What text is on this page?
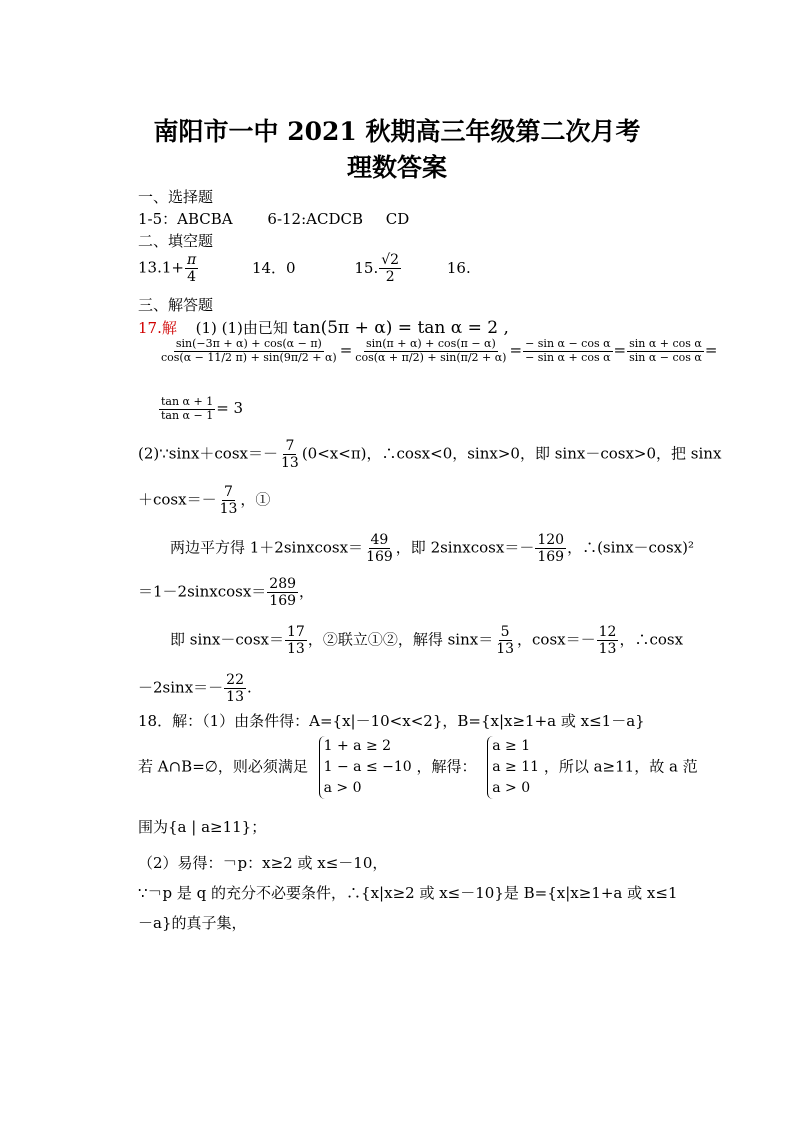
南阳市一中 2021 秋期高三年级第二次月考
理数答案
一、选择题
1-5：ABCBA 6-12:ACDCB CD
二、填空题
$13.1+ \frac{\pi}{4}$	14．0	15. $\frac{√2}{2}$	16.
三、解答题
17.解 (1) (1)由已知 tan(5π + α) = tan α = 2 ,
$\frac{\sin(-3\pi + \alpha) + \cos(\alpha - \pi)}{\cos(\alpha - 11/2 \pi) + \sin(9\pi/2 + \alpha)} = \frac{\sin(\pi + \alpha) + \cos(\pi - \alpha)}{\cos(\alpha + \pi/2) + \sin(\pi/2 + \alpha)} = \frac{\text{− sin α − cos α}}{\text{− sin α + cos α}} = \frac{\text{sin α + cos α}}{\text{sin α − cos α}}$ =
$\frac{\text{tan α + 1}}{\text{tan α − 1}} = 3$
(2)∵sinx＋cosx＝－ $\frac{7}{13} (0<x<\pi)$，∴cosx<0，sinx>0，即 sinx－cosx>0，把 sinx
$+\cos x=- \frac{7}{13}$ ，①
两边平方得 1＋2sinxcosx＝ $\frac{49}{169}$ ，即 2sinxcosx＝－ $\frac{120}{169}$ ，∴(sinx－cosx)²
＝1－2sinxcosx＝ $\frac{289}{169}$ ，
即 $\sin x-\cos x= \frac{17}{13}$ ，②联立①②，解得 $\sin x= \frac{5}{13}$ ，$\cos x=- \frac{12}{13}$ ，∴cosx
$-2\sin x=- \frac{22}{13}$ .
18．解：（1）由条件得：A={x|－10<x<2}，B={x|x≥1+a 或 x≤1－a}
若 A∩B=∅，则必须满足
1 + a ≥ 2
1 − a ≤ −10
a > 0
，解得：
a ≥ 1
a ≥ 11
a > 0
，所以 a≥11，故 a 范
围为{a | a≥11}；
（2）易得：￢p：x≥2 或 x≤－10，
∵￢p 是 q 的充分不必要条件，∴{x|x≥2 或 x≤－10}是 B={x|x≥1+a 或 x≤1
－a}的真子集，
